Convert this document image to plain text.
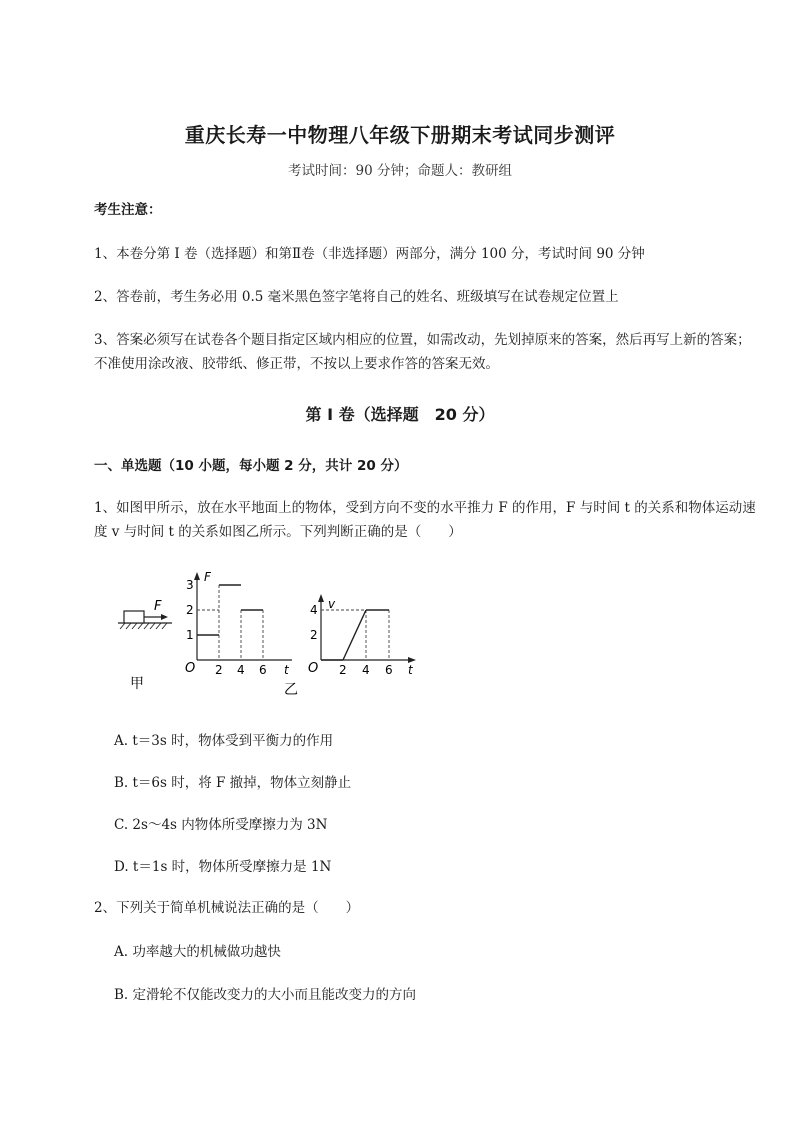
重庆长寿一中物理八年级下册期末考试同步测评
考试时间：90 分钟；命题人：教研组
考生注意：
1、本卷分第 I 卷（选择题）和第Ⅱ卷（非选择题）两部分，满分 100 分，考试时间 90 分钟
2、答卷前，考生务必用 0.5 毫米黑色签字笔将自己的姓名、班级填写在试卷规定位置上
3、答案必须写在试卷各个题目指定区域内相应的位置，如需改动，先划掉原来的答案，然后再写上新的答案；不准使用涂改液、胶带纸、修正带，不按以上要求作答的答案无效。
第 I 卷（选择题　20 分）
一、单选题（10 小题，每小题 2 分，共计 20 分）
1、如图甲所示，放在水平地面上的物体，受到方向不变的水平推力 F 的作用，F 与时间 t 的关系和物体运动速度 v 与时间 t 的关系如图乙所示。下列判断正确的是（　　）
F
甲
F
1
2
3
O 2 4 6 t
乙
v
4
2
O 2 4 6 t
A. t＝3s 时，物体受到平衡力的作用
B. t＝6s 时，将 F 撤掉，物体立刻静止
C. 2s～4s 内物体所受摩擦力为 3N
D. t＝1s 时，物体所受摩擦力是 1N
2、下列关于简单机械说法正确的是（　　）
A. 功率越大的机械做功越快
B. 定滑轮不仅能改变力的大小而且能改变力的方向
